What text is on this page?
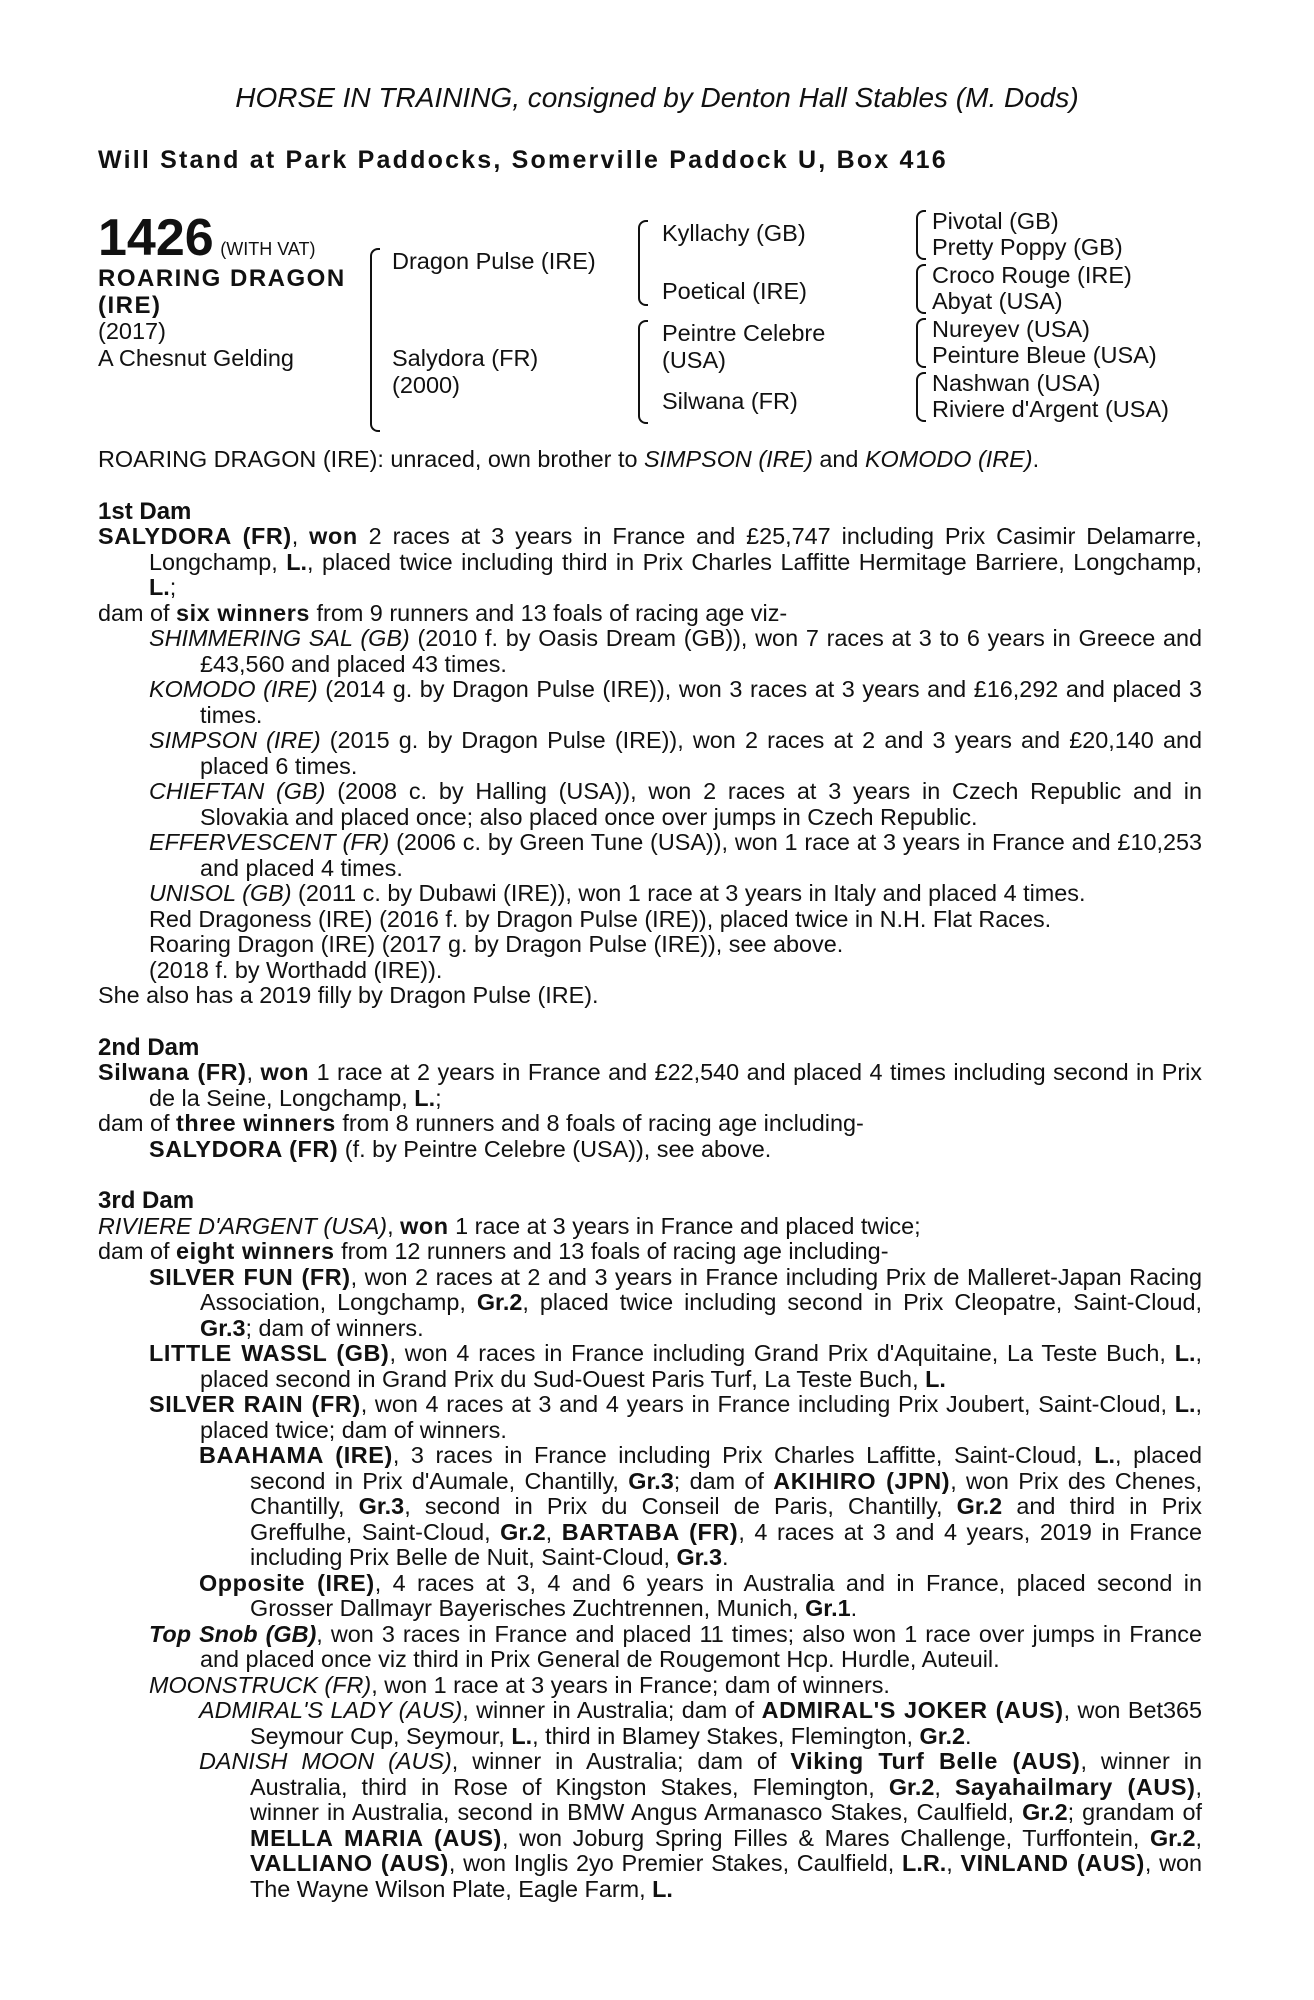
HORSE IN TRAINING, consigned by Denton Hall Stables (M. Dods)
Will Stand at Park Paddocks, Somerville Paddock U, Box 416
1426 (WITH VAT)
ROARING DRAGON
(IRE)
(2017)
A Chesnut Gelding
Dragon Pulse (IRE)
Salydora (FR)
(2000)
Kyllachy (GB)
Poetical (IRE)
Peintre Celebre
(USA)
Silwana (FR)
Pivotal (GB)
Pretty Poppy (GB)
Croco Rouge (IRE)
Abyat (USA)
Nureyev (USA)
Peinture Bleue (USA)
Nashwan (USA)
Riviere d'Argent (USA)

ROARING DRAGON (IRE): unraced, own brother to SIMPSON (IRE) and KOMODO (IRE).

1st Dam

SALYDORA (FR), won 2 races at 3 years in France and £25,747 including Prix Casimir Delamarre, Longchamp, L., placed twice including third in Prix Charles Laffitte Hermitage Barriere, Longchamp, L.;

dam of six winners from 9 runners and 13 foals of racing age viz-

SHIMMERING SAL (GB) (2010 f. by Oasis Dream (GB)), won 7 races at 3 to 6 years in Greece and £43,560 and placed 43 times.

KOMODO (IRE) (2014 g. by Dragon Pulse (IRE)), won 3 races at 3 years and £16,292 and placed 3 times.

SIMPSON (IRE) (2015 g. by Dragon Pulse (IRE)), won 2 races at 2 and 3 years and £20,140 and placed 6 times.

CHIEFTAN (GB) (2008 c. by Halling (USA)), won 2 races at 3 years in Czech Republic and in Slovakia and placed once; also placed once over jumps in Czech Republic.

EFFERVESCENT (FR) (2006 c. by Green Tune (USA)), won 1 race at 3 years in France and £10,253 and placed 4 times.

UNISOL (GB) (2011 c. by Dubawi (IRE)), won 1 race at 3 years in Italy and placed 4 times.

Red Dragoness (IRE) (2016 f. by Dragon Pulse (IRE)), placed twice in N.H. Flat Races.

Roaring Dragon (IRE) (2017 g. by Dragon Pulse (IRE)), see above.

(2018 f. by Worthadd (IRE)).

She also has a 2019 filly by Dragon Pulse (IRE).

2nd Dam

Silwana (FR), won 1 race at 2 years in France and £22,540 and placed 4 times including second in Prix de la Seine, Longchamp, L.;

dam of three winners from 8 runners and 8 foals of racing age including-

SALYDORA (FR) (f. by Peintre Celebre (USA)), see above.

3rd Dam

RIVIERE D'ARGENT (USA), won 1 race at 3 years in France and placed twice;

dam of eight winners from 12 runners and 13 foals of racing age including-

SILVER FUN (FR), won 2 races at 2 and 3 years in France including Prix de Malleret-Japan Racing Association, Longchamp, Gr.2, placed twice including second in Prix Cleopatre, Saint-Cloud, Gr.3; dam of winners.

LITTLE WASSL (GB), won 4 races in France including Grand Prix d'Aquitaine, La Teste Buch, L., placed second in Grand Prix du Sud-Ouest Paris Turf, La Teste Buch, L.

SILVER RAIN (FR), won 4 races at 3 and 4 years in France including Prix Joubert, Saint-Cloud, L., placed twice; dam of winners.

BAAHAMA (IRE), 3 races in France including Prix Charles Laffitte, Saint-Cloud, L., placed second in Prix d'Aumale, Chantilly, Gr.3; dam of AKIHIRO (JPN), won Prix des Chenes, Chantilly, Gr.3, second in Prix du Conseil de Paris, Chantilly, Gr.2 and third in Prix Greffulhe, Saint-Cloud, Gr.2, BARTABA (FR), 4 races at 3 and 4 years, 2019 in France including Prix Belle de Nuit, Saint-Cloud, Gr.3.

Opposite (IRE), 4 races at 3, 4 and 6 years in Australia and in France, placed second in Grosser Dallmayr Bayerisches Zuchtrennen, Munich, Gr.1.

Top Snob (GB), won 3 races in France and placed 11 times; also won 1 race over jumps in France and placed once viz third in Prix General de Rougemont Hcp. Hurdle, Auteuil.

MOONSTRUCK (FR), won 1 race at 3 years in France; dam of winners.

ADMIRAL'S LADY (AUS), winner in Australia; dam of ADMIRAL'S JOKER (AUS), won Bet365 Seymour Cup, Seymour, L., third in Blamey Stakes, Flemington, Gr.2.

DANISH MOON (AUS), winner in Australia; dam of Viking Turf Belle (AUS), winner in Australia, third in Rose of Kingston Stakes, Flemington, Gr.2, Sayahailmary (AUS), winner in Australia, second in BMW Angus Armanasco Stakes, Caulfield, Gr.2; grandam of MELLA MARIA (AUS), won Joburg Spring Filles & Mares Challenge, Turffontein, Gr.2, VALLIANO (AUS), won Inglis 2yo Premier Stakes, Caulfield, L.R., VINLAND (AUS), won The Wayne Wilson Plate, Eagle Farm, L.
